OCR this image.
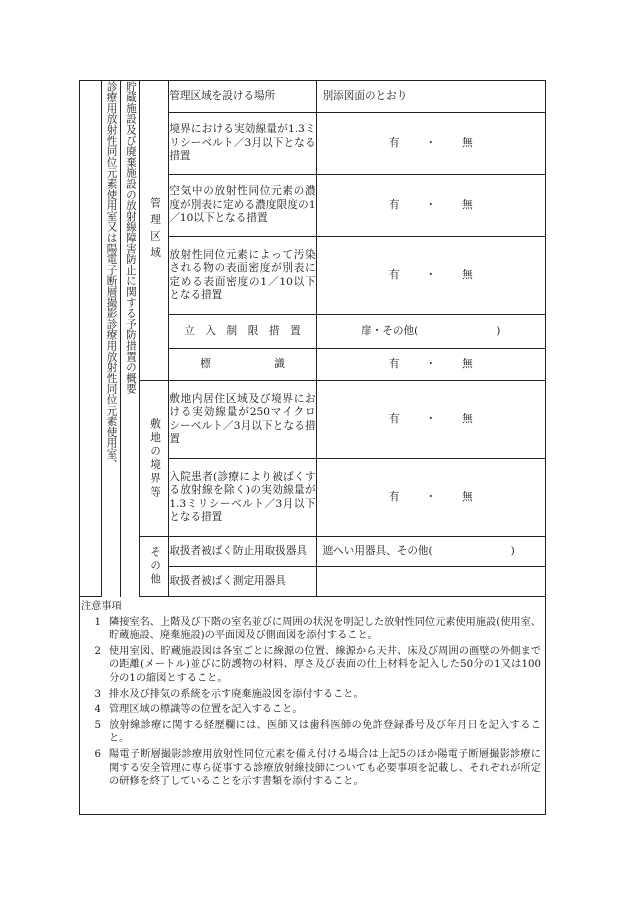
	診療用放射性同位元素使用室又は陽電子断層撮影診療用放射性同位元素使用室、	貯蔵施設及び廃棄施設の放射線障害防止に関する予防措置の概要	管理区域	管理区域を設ける場所	別添図面のとおり
				境界における実効線量が1.3ミリシーベルト／3月以下となる措置	有 ・ 無
				空気中の放射性同位元素の濃度が別表に定める濃度限度の1／10以下となる措置	有 ・ 無
				放射性同位元素によって汚染される物の表面密度が別表に定める表面密度の1／10以下となる措置	有 ・ 無
				立　入　制　限　措　置	扉・その他( )
				標　　　　　　識	有 ・ 無
			敷地の境界等	敷地内居住区域及び境界における実効線量が250マイクロシーベルト／3月以下となる措置	有 ・ 無
				入院患者(診療により被ばくする放射線を除く)の実効線量が1.3ミリシーベルト／3月以下となる措置	有 ・ 無
			その他	取扱者被ばく防止用取扱器具	遮へい用器具、その他( )
				取扱者被ばく測定用器具	
注意事項
1 隣接室名、上階及び下階の室名並びに周囲の状況を明記した放射性同位元素使用施設(使用室、貯蔵施設、廃棄施設)の平面図及び側面図を添付すること。
2 使用室図、貯蔵施設図は各室ごとに線源の位置、線源から天井、床及び周囲の画壁の外側までの距離(メートル)並びに防護物の材料、厚さ及び表面の仕上材料を記入した50分の1又は100分の1の縮図とすること。
3 排水及び排気の系統を示す廃棄施設図を添付すること。
4 管理区域の標識等の位置を記入すること。
5 放射線診療に関する経歴欄には、医師又は歯科医師の免許登録番号及び年月日を記入すること。
6 陽電子断層撮影診療用放射性同位元素を備え付ける場合は上記5のほか陽電子断層撮影診療に関する安全管理に専ら従事する診療放射線技師についても必要事項を記載し、それぞれが所定の研修を終了していることを示す書類を添付すること。
